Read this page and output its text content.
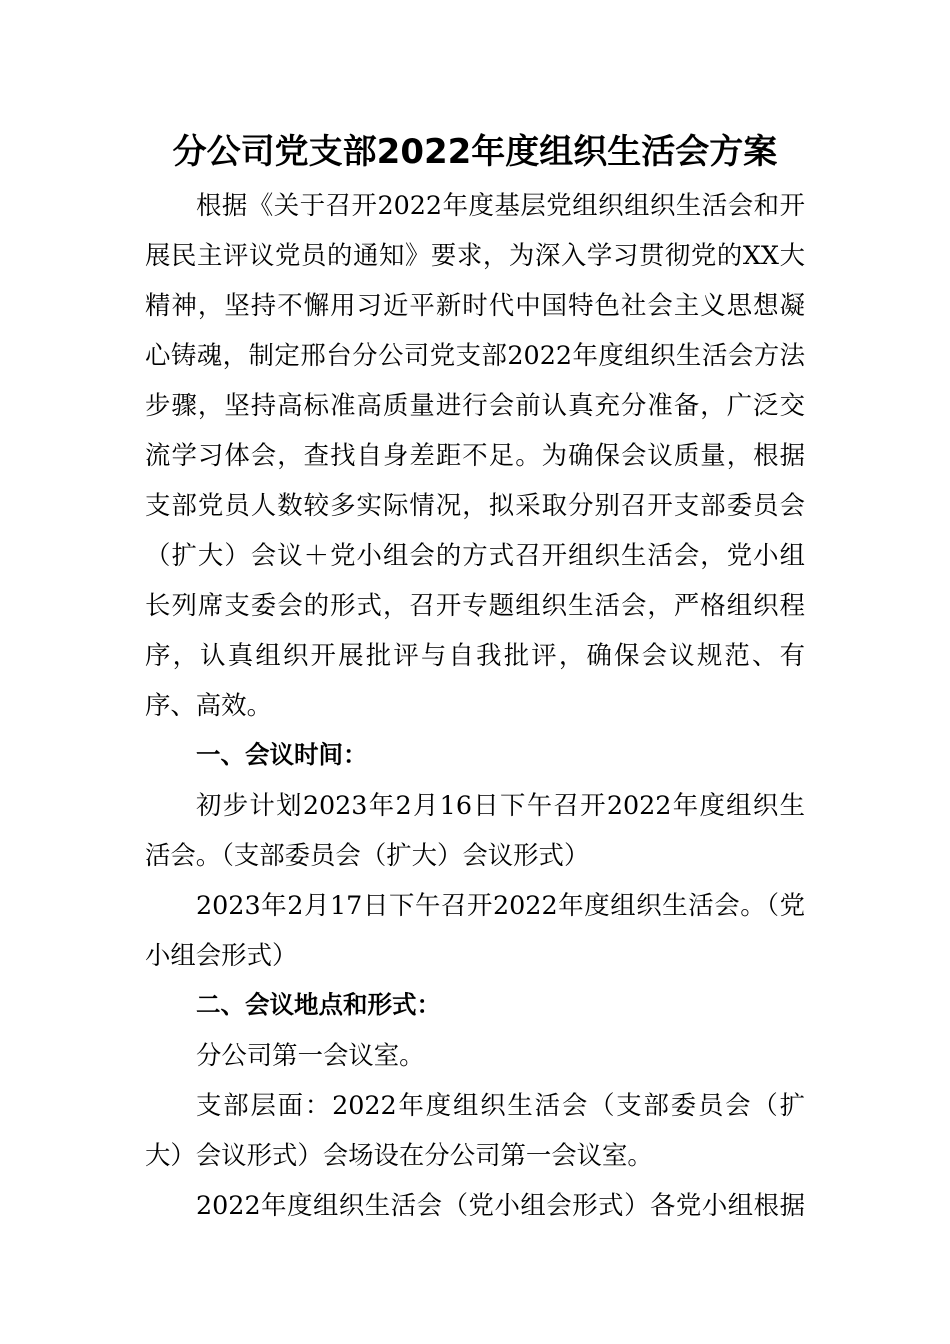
分公司党支部2022年度组织生活会方案
根据《关于召开2022年度基层党组织组织生活会和开
展民主评议党员的通知》要求，为深入学习贯彻党的XX大
精神，坚持不懈用习近平新时代中国特色社会主义思想凝
心铸魂，制定邢台分公司党支部2022年度组织生活会方法
步骤，坚持高标准高质量进行会前认真充分准备，广泛交
流学习体会，查找自身差距不足。为确保会议质量，根据
支部党员人数较多实际情况，拟采取分别召开支部委员会
（扩大）会议＋党小组会的方式召开组织生活会，党小组
长列席支委会的形式，召开专题组织生活会，严格组织程
序，认真组织开展批评与自我批评，确保会议规范、有
序、高效。
一、会议时间：
初步计划2023年2月16日下午召开2022年度组织生
活会。（支部委员会（扩大）会议形式）
2023年2月17日下午召开2022年度组织生活会。（党
小组会形式）
二、会议地点和形式：
分公司第一会议室。
支部层面：2022年度组织生活会（支部委员会（扩
大）会议形式）会场设在分公司第一会议室。
2022年度组织生活会（党小组会形式）各党小组根据
